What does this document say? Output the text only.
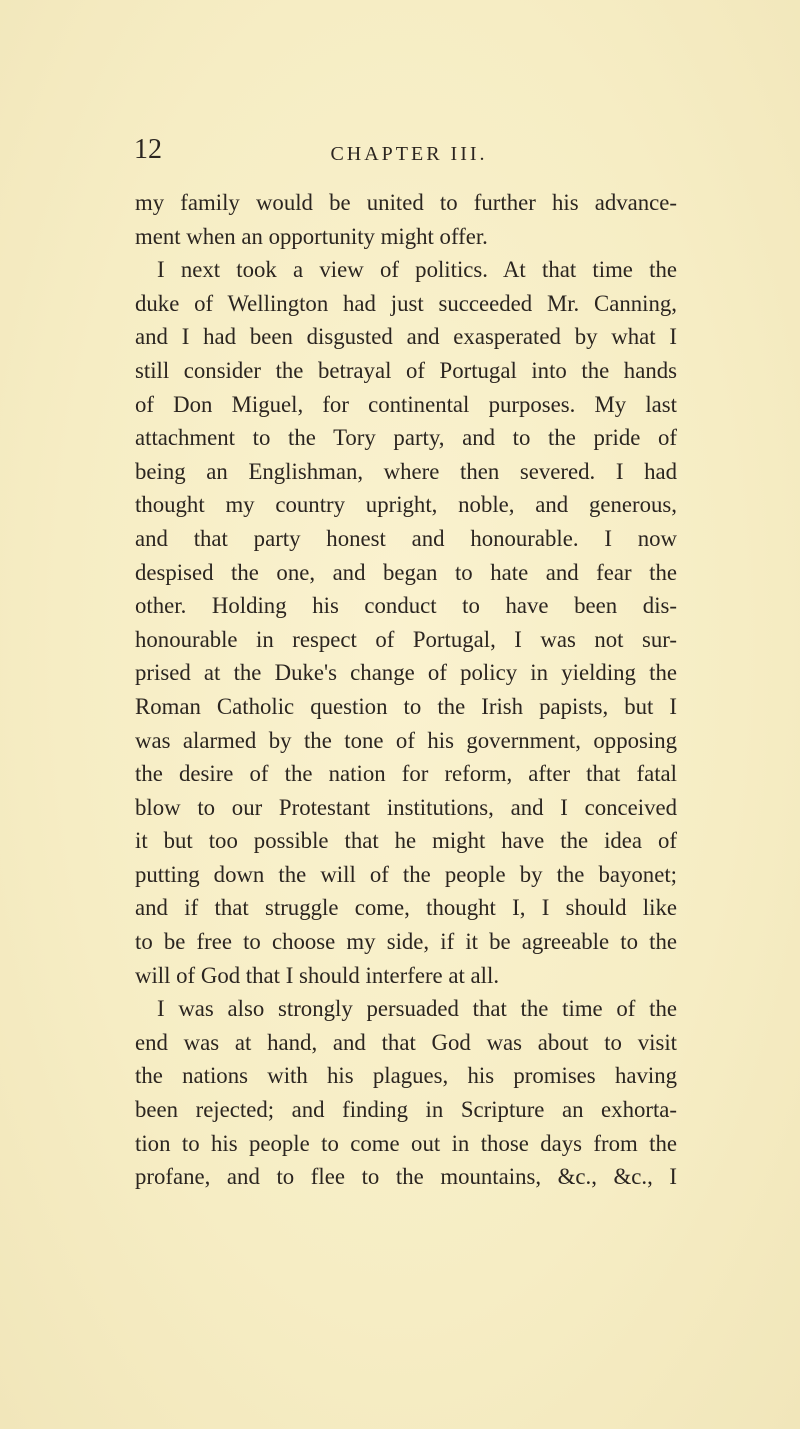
12	CHAPTER III.
my family would be united to further his advance-
ment when an opportunity might offer.
I next took a view of politics. At that time the
duke of Wellington had just succeeded Mr. Canning,
and I had been disgusted and exasperated by what I
still consider the betrayal of Portugal into the hands
of Don Miguel, for continental purposes. My last
attachment to the Tory party, and to the pride of
being an Englishman, where then severed. I had
thought my country upright, noble, and generous,
and that party honest and honourable. I now
despised the one, and began to hate and fear the
other. Holding his conduct to have been dis-
honourable in respect of Portugal, I was not sur-
prised at the Duke's change of policy in yielding the
Roman Catholic question to the Irish papists, but I
was alarmed by the tone of his government, opposing
the desire of the nation for reform, after that fatal
blow to our Protestant institutions, and I conceived
it but too possible that he might have the idea of
putting down the will of the people by the bayonet;
and if that struggle come, thought I, I should like
to be free to choose my side, if it be agreeable to the
will of God that I should interfere at all.
I was also strongly persuaded that the time of the
end was at hand, and that God was about to visit
the nations with his plagues, his promises having
been rejected; and finding in Scripture an exhorta-
tion to his people to come out in those days from the
profane, and to flee to the mountains, &c., &c., I
